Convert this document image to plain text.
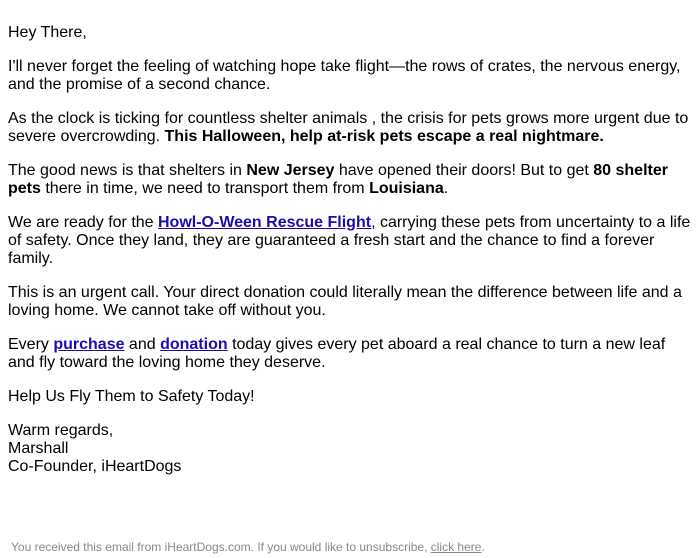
Hey There,

I'll never forget the feeling of watching hope take flight—the rows of crates, the nervous energy, and the promise of a second chance.

As the clock is ticking for countless shelter animals , the crisis for pets grows more urgent due to severe overcrowding. This Halloween, help at-risk pets escape a real nightmare.

The good news is that shelters in New Jersey have opened their doors! But to get 80 shelter pets there in time, we need to transport them from Louisiana.

We are ready for the Howl-O-Ween Rescue Flight, carrying these pets from uncertainty to a life of safety. Once they land, they are guaranteed a fresh start and the chance to find a forever family.

This is an urgent call. Your direct donation could literally mean the difference between life and a loving home. We cannot take off without you.

Every purchase and donation today gives every pet aboard a real chance to turn a new leaf and fly toward the loving home they deserve.

Help Us Fly Them to Safety Today!

Warm regards,
Marshall
Co-Founder, iHeartDogs

You received this email from iHeartDogs.com. If you would like to unsubscribe, click here.
